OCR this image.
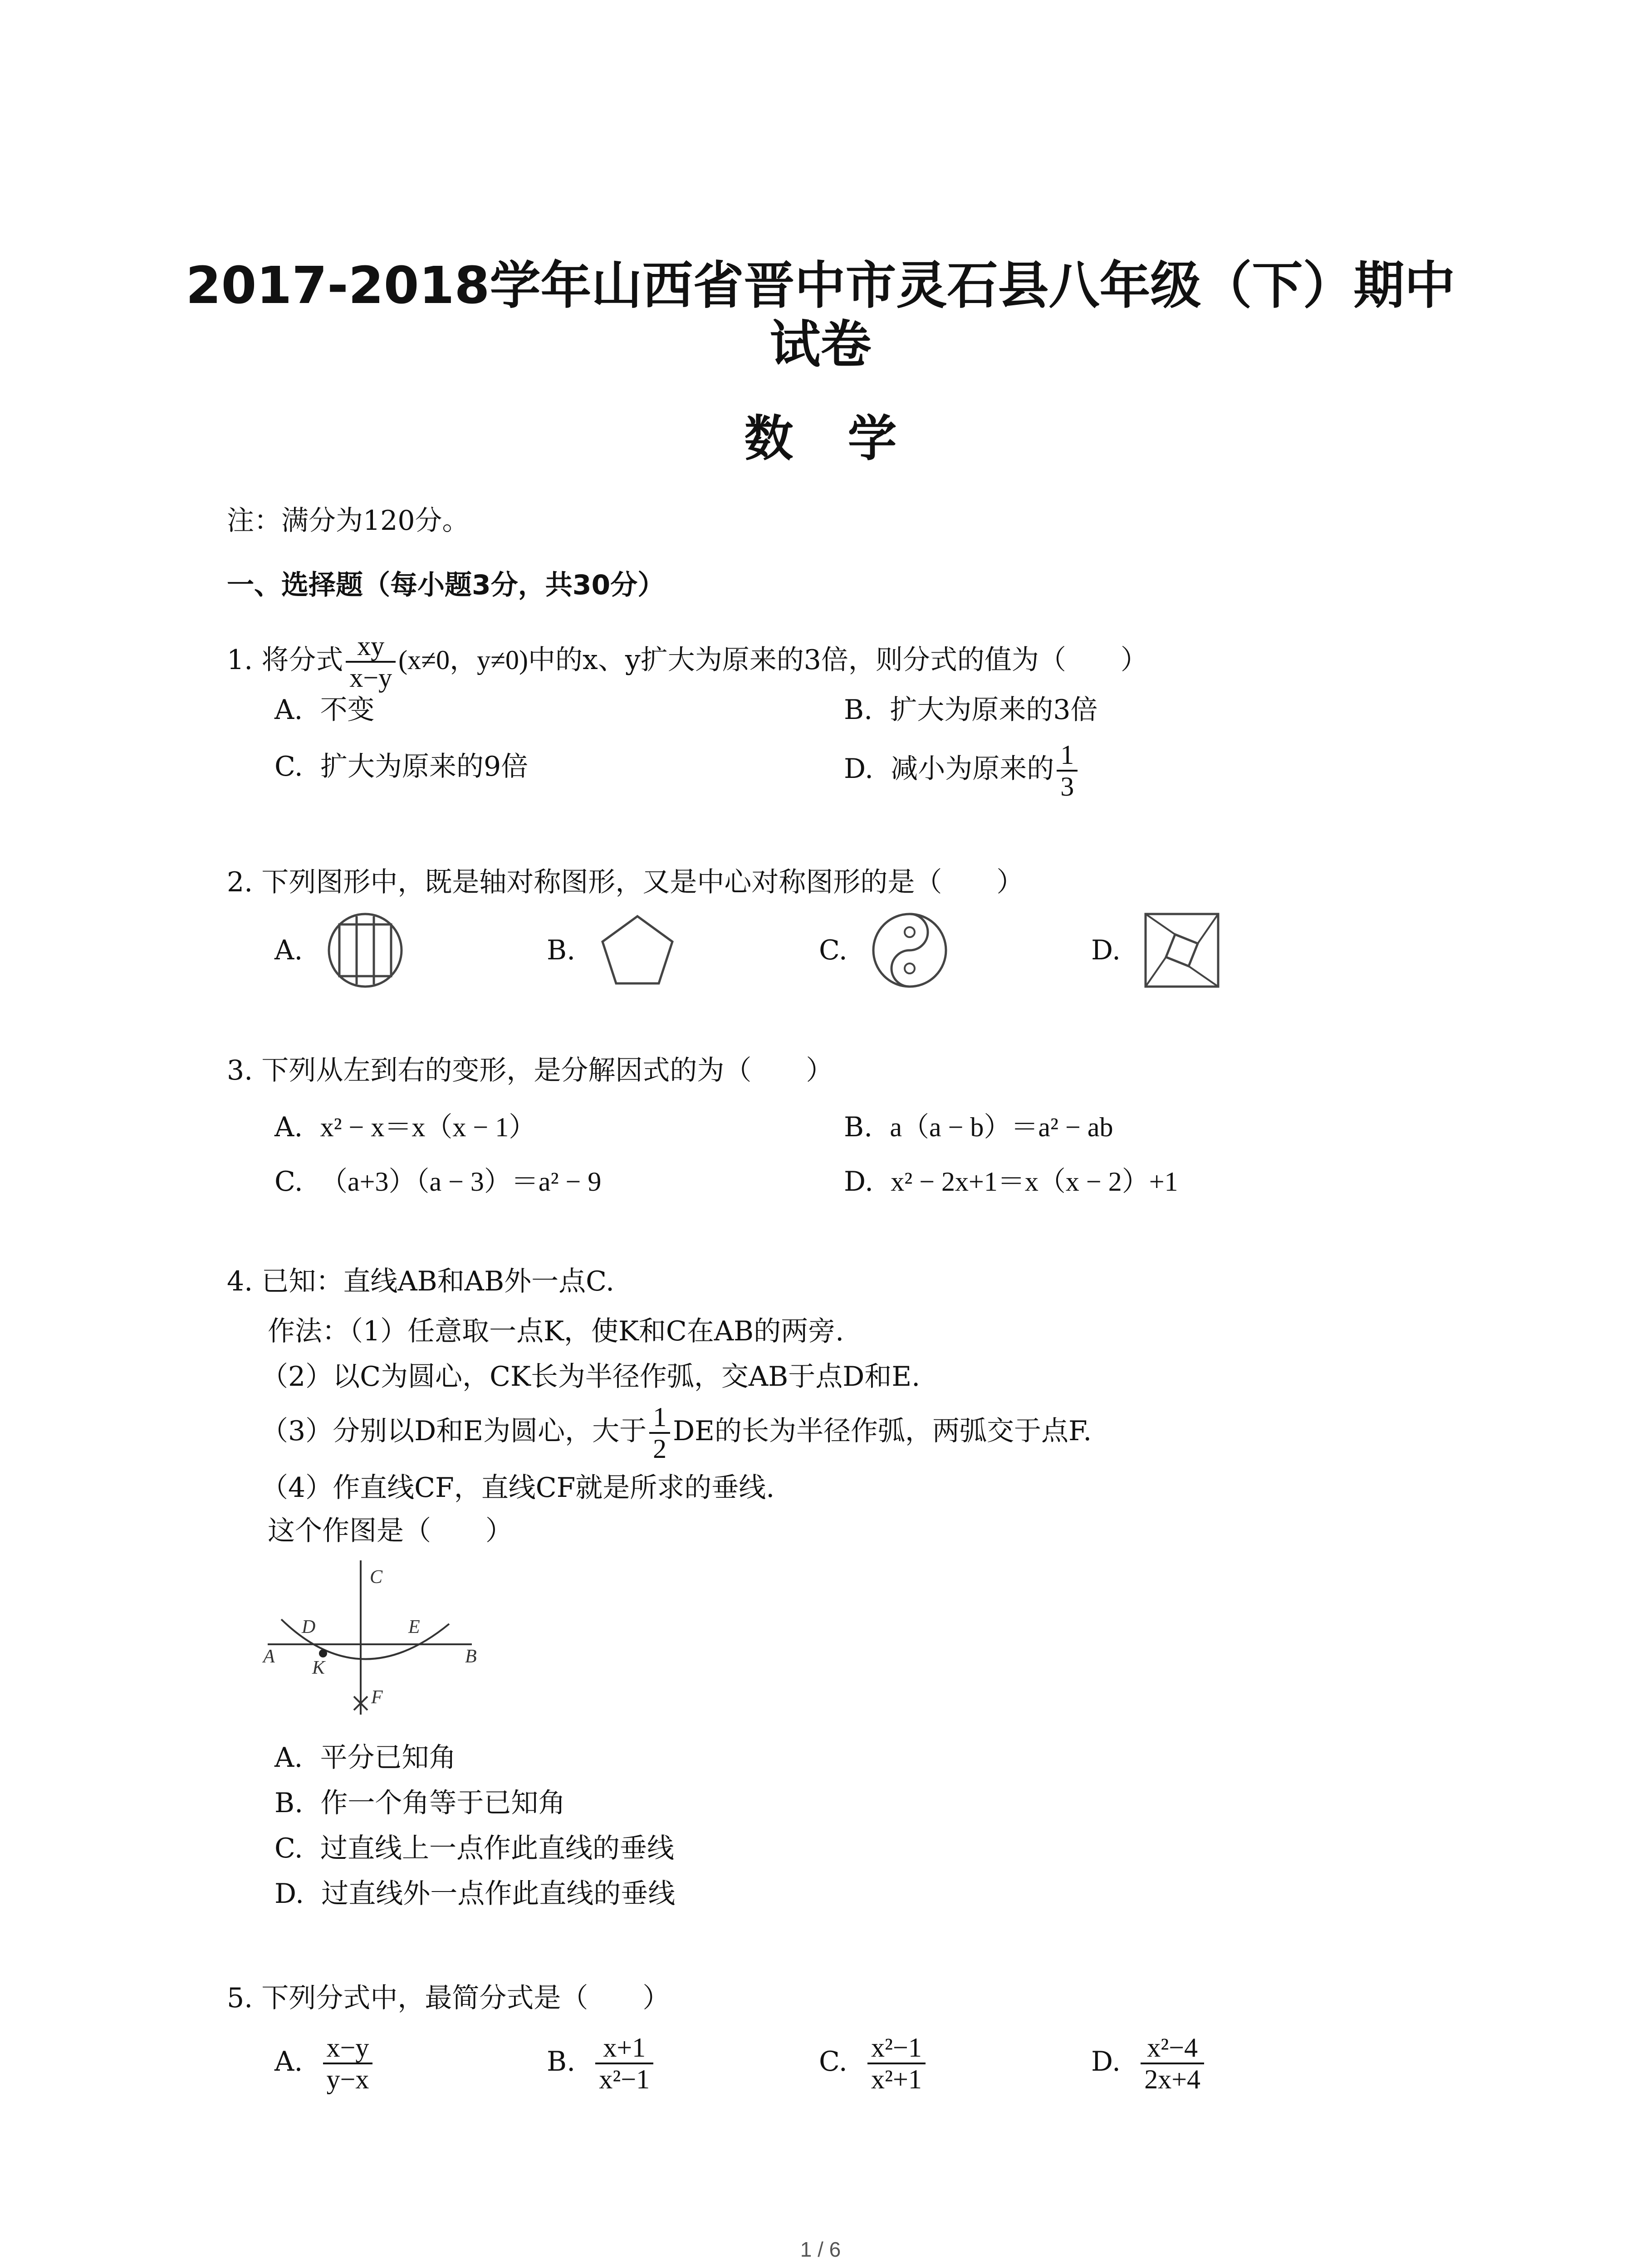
2017-2018学年山西省晋中市灵石县八年级（下）期中
试卷
数学
注：满分为120分。
一、选择题（每小题3分，共30分）
1. 将分式 $\frac{xy}{x-y} (x\ne 0$，y≠0)中的x、y扩大为原来的3倍，则分式的值为（　　）
A. 不变	B. 扩大为原来的3倍
C. 扩大为原来的9倍	D. 减小为原来的 $\frac{1}{3}$
2. 下列图形中，既是轴对称图形，又是中心对称图形的是（　　）
A.	B.	C.	D.
3. 下列从左到右的变形，是分解因式的为（　　）
A. x² − x＝x（x − 1）	B. a（a − b）＝a² − ab
C. （a+3）（a − 3）＝a² − 9	D. x² − 2x+1＝x（x − 2）+1
4. 已知：直线AB和AB外一点C.
作法：（1）任意取一点K，使K和C在AB的两旁.
（2）以C为圆心，CK长为半径作弧，交AB于点D和E.
（3）分别以D和E为圆心，大于 $\frac{1}{2}$ DE的长为半径作弧，两弧交于点F.
（4）作直线CF，直线CF就是所求的垂线.
这个作图是（　　）
C
D	E
A	B
K
F
A. 平分已知角
B. 作一个角等于已知角
C. 过直线上一点作此直线的垂线
D. 过直线外一点作此直线的垂线
5. 下列分式中，最简分式是（　　）
A. $\frac{x-y}{y-x}$	B. $\frac{x+1}{\text{x²−1}}$	C. $\frac{\text{x²−1}}{\text{x²+1}}$	D. $\frac{\text{x²−4}}{2x+4}$
1 / 6
